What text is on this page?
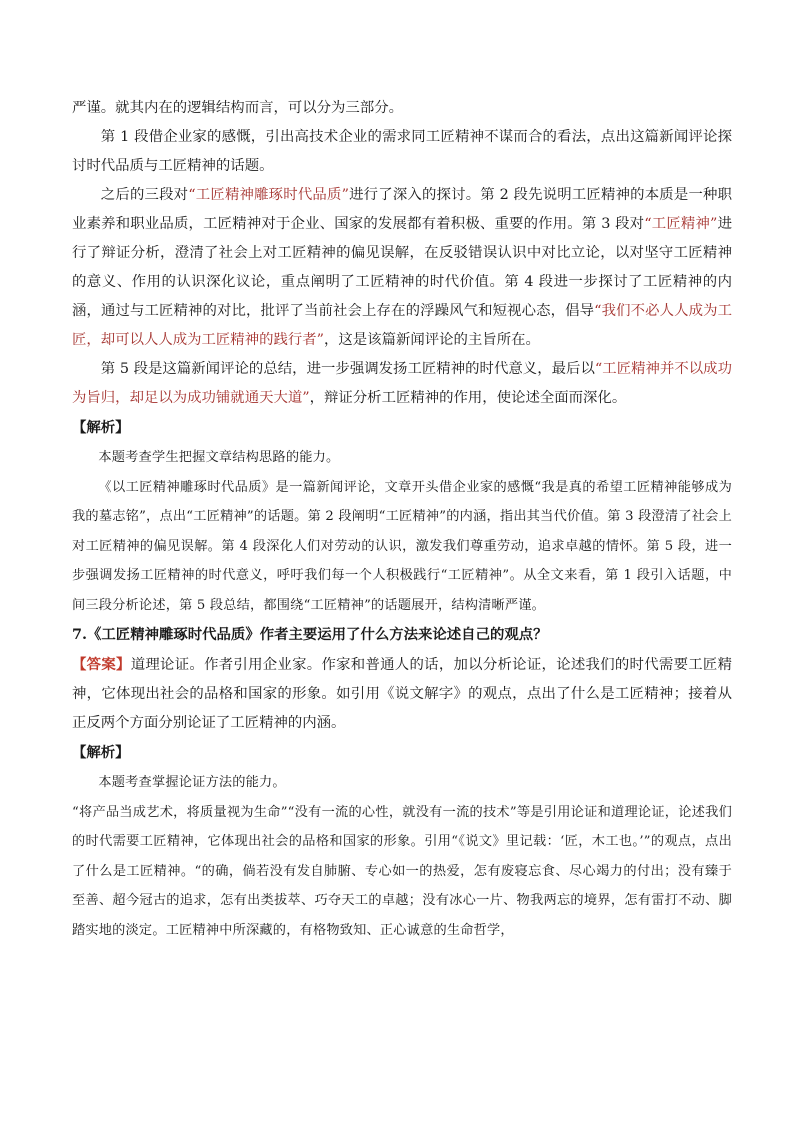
严谨。就其内在的逻辑结构而言，可以分为三部分。

第 1 段借企业家的感慨，引出高技术企业的需求同工匠精神不谋而合的看法，点出这篇新闻评论探讨时代品质与工匠精神的话题。

之后的三段对“工匠精神雕琢时代品质”进行了深入的探讨。第 2 段先说明工匠精神的本质是一种职业素养和职业品质，工匠精神对于企业、国家的发展都有着积极、重要的作用。第 3 段对“工匠精神”进行了辩证分析，澄清了社会上对工匠精神的偏见误解，在反驳错误认识中对比立论，以对坚守工匠精神的意义、作用的认识深化议论，重点阐明了工匠精神的时代价值。第 4 段进一步探讨了工匠精神的内涵，通过与工匠精神的对比，批评了当前社会上存在的浮躁风气和短视心态，倡导“我们不必人人成为工匠，却可以人人成为工匠精神的践行者”，这是该篇新闻评论的主旨所在。

第 5 段是这篇新闻评论的总结，进一步强调发扬工匠精神的时代意义，最后以“工匠精神并不以成功为旨归，却足以为成功铺就通天大道”，辩证分析工匠精神的作用，使论述全面而深化。

【解析】

本题考查学生把握文章结构思路的能力。

《以工匠精神雕琢时代品质》是一篇新闻评论，文章开头借企业家的感慨“我是真的希望工匠精神能够成为我的墓志铭”，点出“工匠精神”的话题。第 2 段阐明“工匠精神”的内涵，指出其当代价值。第 3 段澄清了社会上对工匠精神的偏见误解。第 4 段深化人们对劳动的认识，激发我们尊重劳动，追求卓越的情怀。第 5 段，进一步强调发扬工匠精神的时代意义，呼吁我们每一个人积极践行“工匠精神”。从全文来看，第 1 段引入话题，中间三段分析论述，第 5 段总结，都围绕“工匠精神”的话题展开，结构清晰严谨。

7.《工匠精神雕琢时代品质》作者主要运用了什么方法来论述自己的观点？

【答案】道理论证。作者引用企业家。作家和普通人的话，加以分析论证，论述我们的时代需要工匠精神，它体现出社会的品格和国家的形象。如引用《说文解字》的观点，点出了什么是工匠精神；接着从正反两个方面分别论证了工匠精神的内涵。

【解析】

本题考查掌握论证方法的能力。

“将产品当成艺术，将质量视为生命”“没有一流的心性，就没有一流的技术”等是引用论证和道理论证，论述我们的时代需要工匠精神，它体现出社会的品格和国家的形象。引用“《说文》里记载：‘匠，木工也。’”的观点，点出了什么是工匠精神。“的确，倘若没有发自肺腑、专心如一的热爱，怎有废寝忘食、尽心竭力的付出；没有臻于至善、超今冠古的追求，怎有出类拔萃、巧夺天工的卓越；没有冰心一片、物我两忘的境界，怎有雷打不动、脚踏实地的淡定。工匠精神中所深藏的，有格物致知、正心诚意的生命哲学，
